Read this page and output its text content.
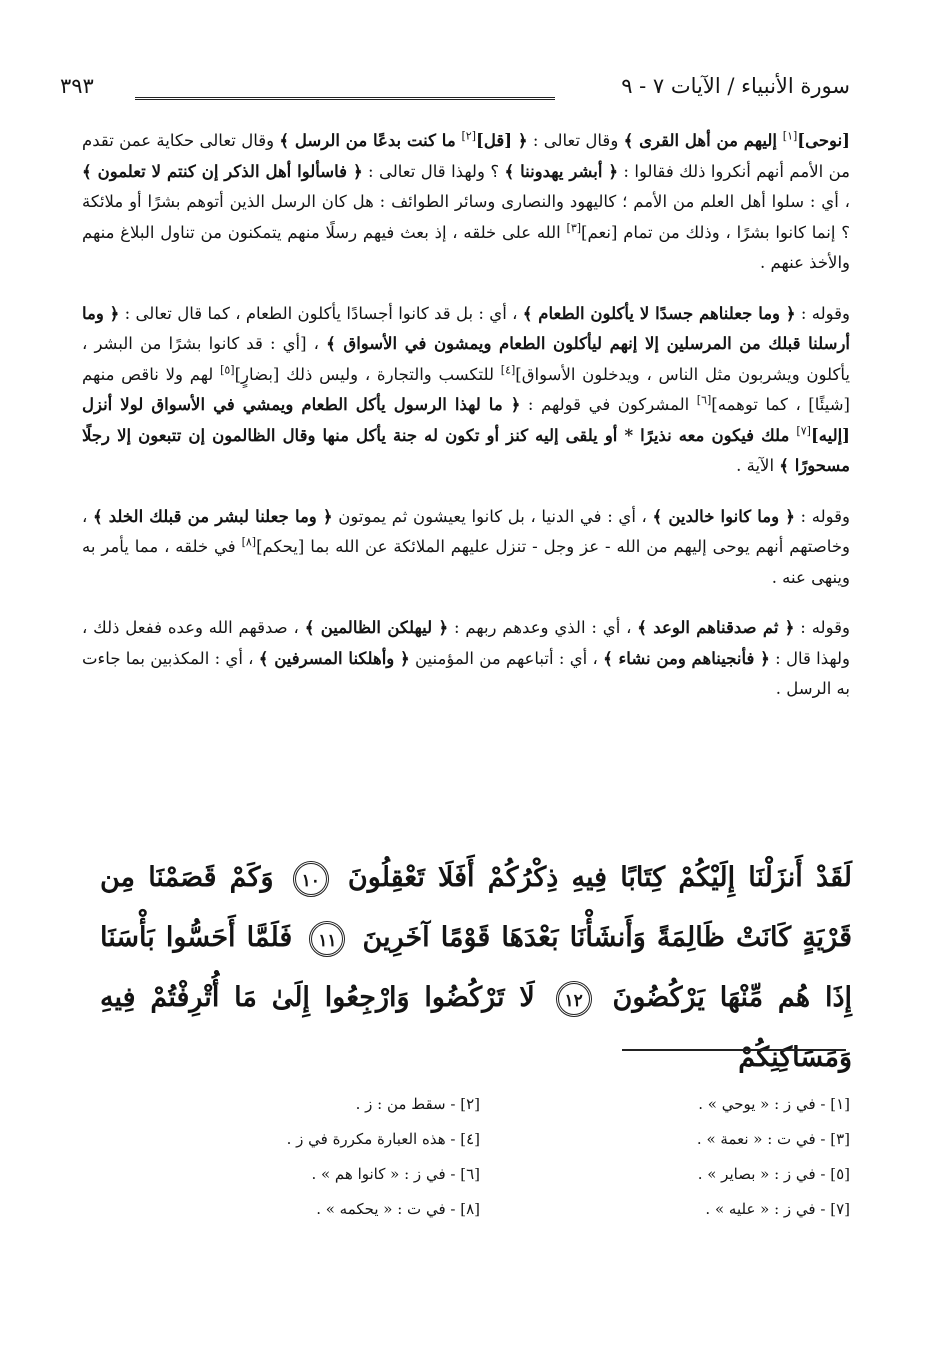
سورة الأنبياء / الآيات ٧ - ٩
٣٩٣

[نوحى][١] إليهم من أهل القرى ﴾ وقال تعالى : ﴿ [قل][٢] ما كنت بدعًا من الرسل ﴾ وقال تعالى حكاية عمن تقدم من الأمم أنهم أنكروا ذلك فقالوا : ﴿ أبشر يهدوننا ﴾ ؟ ولهذا قال تعالى : ﴿ فاسألوا أهل الذكر إن كنتم لا تعلمون ﴾ ، أي : سلوا أهل العلم من الأمم ؛ كاليهود والنصارى وسائر الطوائف : هل كان الرسل الذين أتوهم بشرًا أو ملائكة ؟ إنما كانوا بشرًا ، وذلك من تمام [نعم][٣] الله على خلقه ، إذ بعث فيهم رسلًا منهم يتمكنون من تناول البلاغ منهم والأخذ عنهم .

وقوله : ﴿ وما جعلناهم جسدًا لا يأكلون الطعام ﴾ ، أي : بل قد كانوا أجسادًا يأكلون الطعام ، كما قال تعالى : ﴿ وما أرسلنا قبلك من المرسلين إلا إنهم ليأكلون الطعام ويمشون في الأسواق ﴾ ، [أي : قد كانوا بشرًا من البشر ، يأكلون ويشربون مثل الناس ، ويدخلون الأسواق][٤] للتكسب والتجارة ، وليس ذلك [بضارٍ][٥] لهم ولا ناقص منهم [شيئًا] ، كما توهمه][٦] المشركون في قولهم : ﴿ ما لهذا الرسول يأكل الطعام ويمشي في الأسواق لولا أنزل [إليه][٧] ملك فيكون معه نذيرًا * أو يلقى إليه كنز أو تكون له جنة يأكل منها وقال الظالمون إن تتبعون إلا رجلًا مسحورًا ﴾ الآية .

وقوله : ﴿ وما كانوا خالدين ﴾ ، أي : في الدنيا ، بل كانوا يعيشون ثم يموتون ﴿ وما جعلنا لبشر من قبلك الخلد ﴾ ، وخاصتهم أنهم يوحى إليهم من الله - عز وجل - تنزل عليهم الملائكة عن الله بما [يحكم][٨] في خلقه ، مما يأمر به وينهى عنه .

وقوله : ﴿ ثم صدقناهم الوعد ﴾ ، أي : الذي وعدهم ربهم : ﴿ ليهلكن الظالمين ﴾ ، صدقهم الله وعده ففعل ذلك ، ولهذا قال : ﴿ فأنجيناهم ومن نشاء ﴾ ، أي : أتباعهم من المؤمنين ﴿ وأهلكنا المسرفين ﴾ ، أي : المكذبين بما جاءت به الرسل .

لَقَدْ أَنزَلْنَا إِلَيْكُمْ كِتَابًا فِيهِ ذِكْرُكُمْ أَفَلَا تَعْقِلُونَ ١٠ وَكَمْ قَصَمْنَا مِن قَرْيَةٍ كَانَتْ ظَالِمَةً وَأَنشَأْنَا بَعْدَهَا قَوْمًا آخَرِينَ ١١ فَلَمَّا أَحَسُّوا بَأْسَنَا إِذَا هُم مِّنْهَا يَرْكُضُونَ ١٢ لَا تَرْكُضُوا وَارْجِعُوا إِلَىٰ مَا أُتْرِفْتُمْ فِيهِ وَمَسَاكِنِكُمْ
[١] - في ز : « يوحي » .
[٢] - سقط من : ز .
[٣] - في ت : « نعمة » .
[٤] - هذه العبارة مكررة في ز .
[٥] - في ز : « بصاير » .
[٦] - في ز : « كانوا هم » .
[٧] - في ز : « عليه » .
[٨] - في ت : « يحكمه » .
